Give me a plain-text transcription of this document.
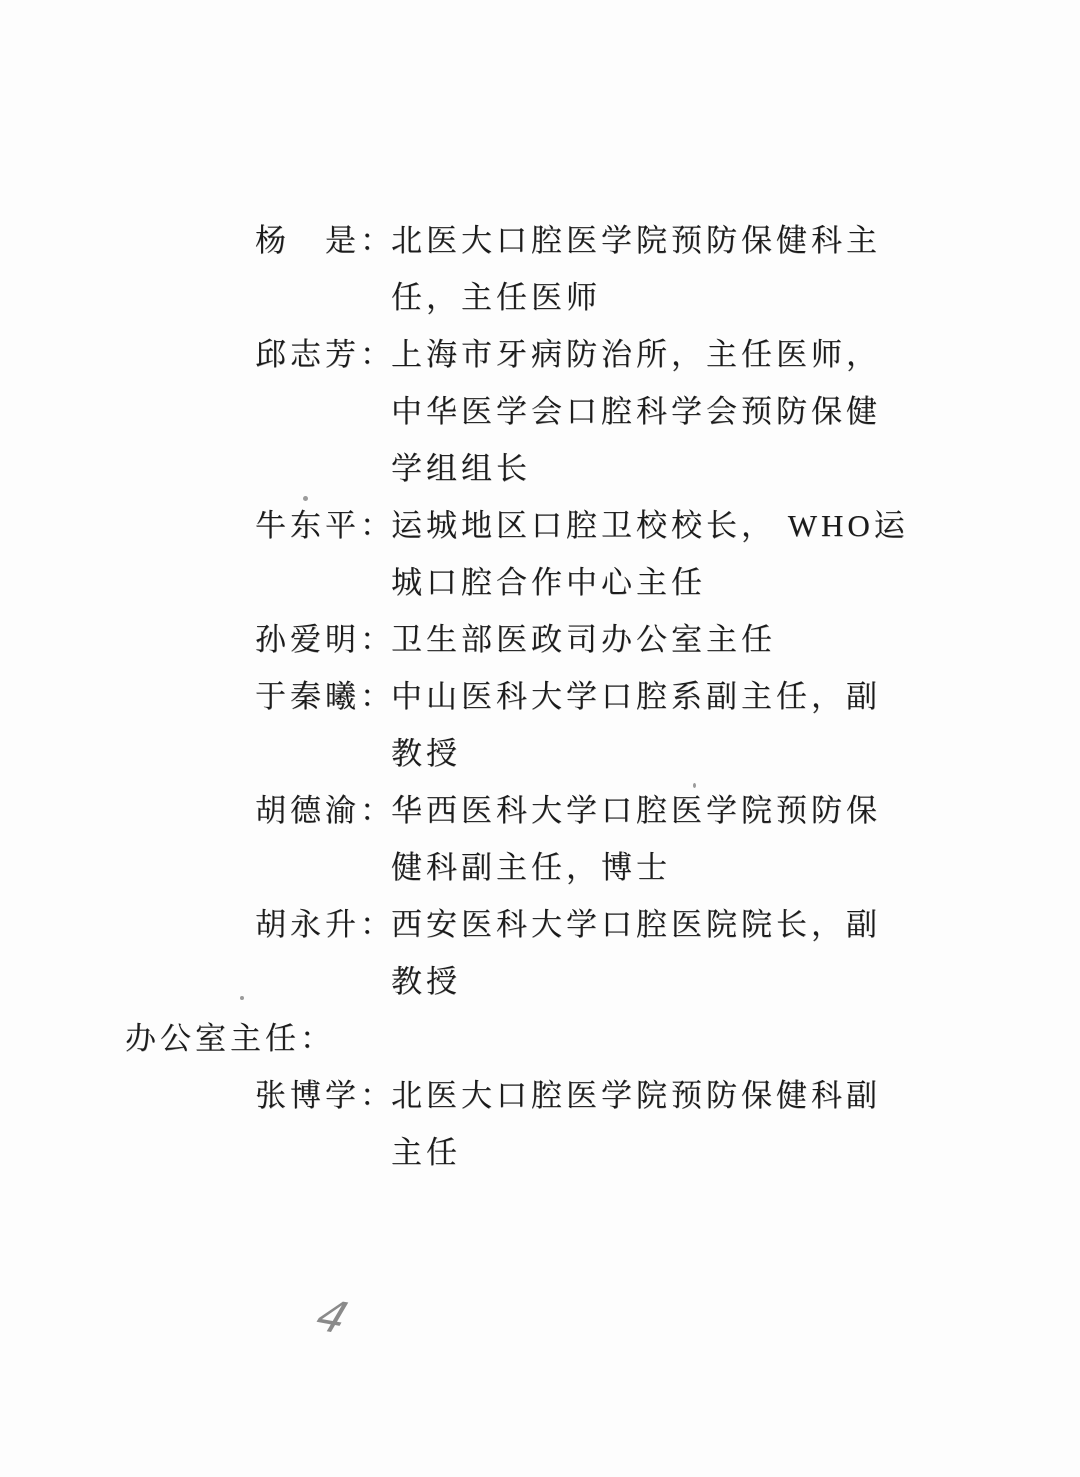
杨　是：北医大口腔医学院预防保健科主
任，主任医师
邱志芳：上海市牙病防治所，主任医师，
中华医学会口腔科学会预防保健
学组组长
牛东平：运城地区口腔卫校校长， WHO运
城口腔合作中心主任
孙爱明：卫生部医政司办公室主任
于秦曦：中山医科大学口腔系副主任，副
教授
胡德渝：华西医科大学口腔医学院预防保
健科副主任，博士
胡永升：西安医科大学口腔医院院长，副
教授
办公室主任：
张博学：北医大口腔医学院预防保健科副
主任
4
